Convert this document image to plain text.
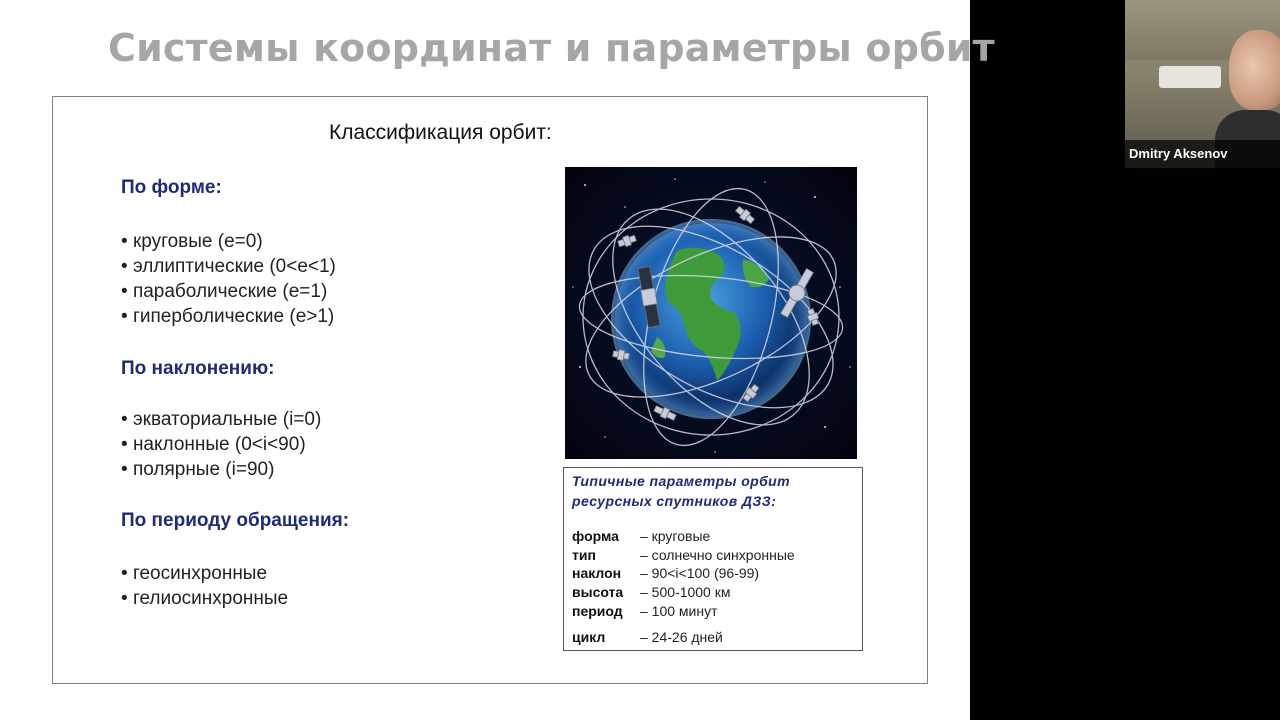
Системы координат и параметры орбит
Классификация орбит:
По форме:
• круговые (e=0)
• эллиптические (0<e<1)
• параболические (e=1)
• гиперболические (e>1)
По наклонению:
• экваториальные (i=0)
• наклонные (0<i<90)
• полярные (i=90)
По периоду обращения:
• геосинхронные
• гелиосинхронные
Типичные параметры орбит
ресурсных спутников ДЗЗ:
форма – круговые
тип	– солнечно синхронные
наклон – 90<i<100 (96-99)
высота – 500-1000 км
период – 100 минут
цикл – 24-26 дней
Dmitry Aksenov
